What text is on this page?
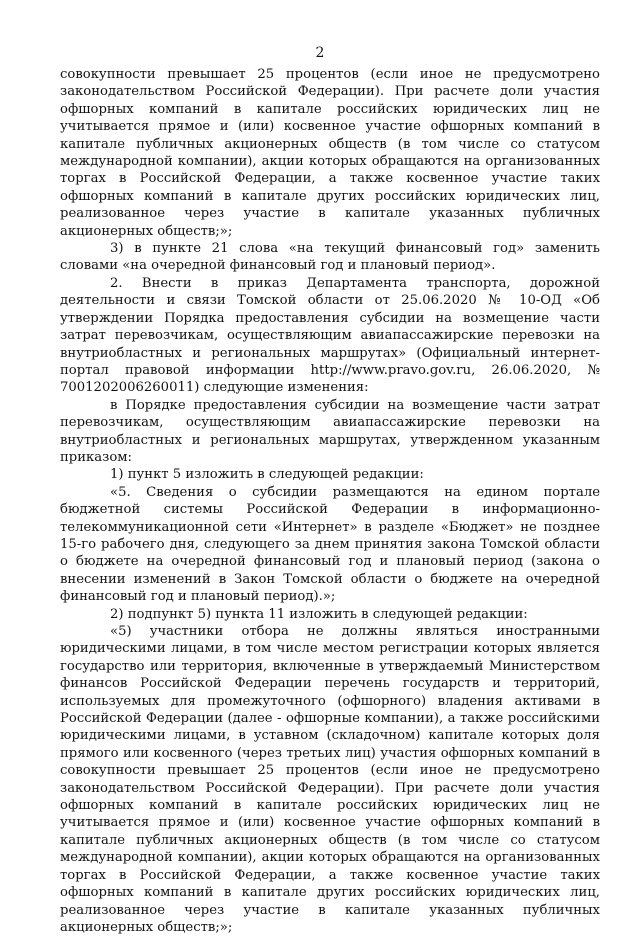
2

совокупности превышает 25 процентов (если иное не предусмотрено законодательством Российской Федерации). При расчете доли участия офшорных компаний в капитале российских юридических лиц не учитывается прямое и (или) косвенное участие офшорных компаний в капитале публичных акционерных обществ (в том числе со статусом международной компании), акции которых обращаются на организованных торгах в Российской Федерации, а также косвенное участие таких офшорных компаний в капитале других российских юридических лиц, реализованное через участие в капитале указанных публичных акционерных обществ;»;

3) в пункте 21 слова «на текущий финансовый год» заменить словами «на очередной финансовый год и плановый период».

2. Внести в приказ Департамента транспорта, дорожной деятельности и связи Томской области от 25.06.2020 № 10-ОД «Об утверждении Порядка предоставления субсидии на возмещение части затрат перевозчикам, осуществляющим авиапассажирские перевозки на внутриобластных и региональных маршрутах» (Официальный интернет-портал правовой информации http://www.pravo.gov.ru, 26.06.2020, № 7001202006260011) следующие изменения:

в Порядке предоставления субсидии на возмещение части затрат перевозчикам, осуществляющим авиапассажирские перевозки на внутриобластных и региональных маршрутах, утвержденном указанным приказом:

1) пункт 5 изложить в следующей редакции:

«5. Сведения о субсидии размещаются на едином портале бюджетной системы Российской Федерации в информационно-телекоммуникационной сети «Интернет» в разделе «Бюджет» не позднее 15-го рабочего дня, следующего за днем принятия закона Томской области о бюджете на очередной финансовый год и плановый период (закона о внесении изменений в Закон Томской области о бюджете на очередной финансовый год и плановый период).»;

2) подпункт 5) пункта 11 изложить в следующей редакции:

«5) участники отбора не должны являться иностранными юридическими лицами, в том числе местом регистрации которых является государство или территория, включенные в утверждаемый Министерством финансов Российской Федерации перечень государств и территорий, используемых для промежуточного (офшорного) владения активами в Российской Федерации (далее - офшорные компании), а также российскими юридическими лицами, в уставном (складочном) капитале которых доля прямого или косвенного (через третьих лиц) участия офшорных компаний в совокупности превышает 25 процентов (если иное не предусмотрено законодательством Российской Федерации). При расчете доли участия офшорных компаний в капитале российских юридических лиц не учитывается прямое и (или) косвенное участие офшорных компаний в капитале публичных акционерных обществ (в том числе со статусом международной компании), акции которых обращаются на организованных торгах в Российской Федерации, а также косвенное участие таких офшорных компаний в капитале других российских юридических лиц, реализованное через участие в капитале указанных публичных акционерных обществ;»;
